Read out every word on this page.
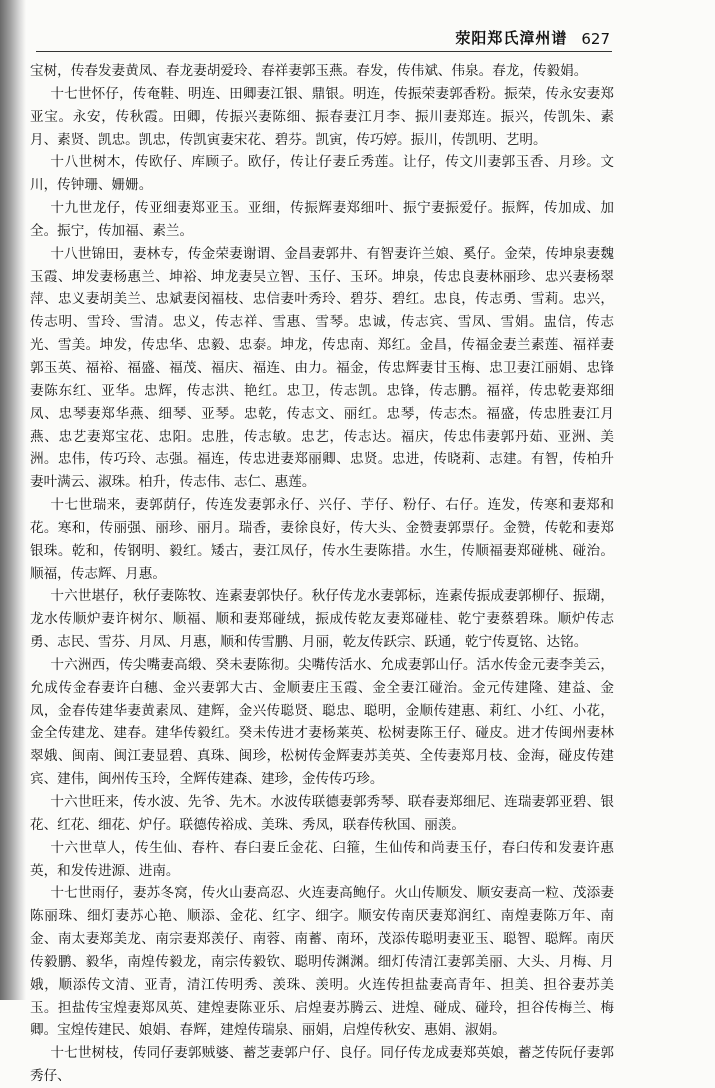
荥阳郑氏漳州谱 627

宝树，传春发妻黄凤、春龙妻胡爱玲、春祥妻郭玉燕。春发，传伟斌、伟泉。春龙，传毅娟。

十七世怀仔，传奄鞋、明连、田卿妻江银、鼎银。明连，传振荣妻郭香粉。振荣，传永安妻郑亚宝。永安，传秋霞。田卿，传振兴妻陈细、振春妻江月李、振川妻郑连。振兴，传凯朱、素月、素贤、凯忠。凯忠，传凯寅妻宋花、碧芬。凯寅，传巧婷。振川，传凯明、艺明。

十八世树木，传欧仔、库顾子。欧仔，传让仔妻丘秀莲。让仔，传文川妻郭玉香、月珍。文川，传钟珊、姗姗。

十九世龙仔，传亚细妻郑亚玉。亚细，传振辉妻郑细叶、振宁妻振爱仔。振辉，传加成、加全。振宁，传加福、素兰。

十八世锦田，妻林专，传金荣妻谢谓、金昌妻郭井、有智妻许兰娘、奚仔。金荣，传坤泉妻魏玉霞、坤发妻杨惠兰、坤裕、坤龙妻吴立智、玉仔、玉环。坤泉，传忠良妻林丽珍、忠兴妻杨翠萍、忠义妻胡美兰、忠斌妻闵福枝、忠信妻叶秀玲、碧芬、碧红。忠良，传志勇、雪莉。忠兴，传志明、雪玲、雪清。忠义，传志祥、雪惠、雪琴。忠诚，传志宾、雪凤、雪娟。盅信，传志光、雪美。坤发，传忠华、忠毅、忠泰。坤龙，传忠南、郑红。金昌，传福金妻兰素莲、福祥妻郭玉英、福裕、福盛、福茂、福庆、福连、由力。福金，传忠辉妻甘玉梅、忠卫妻江丽娟、忠锋妻陈东红、亚华。忠辉，传志洪、艳红。忠卫，传志凯。忠锋，传志鹏。福祥，传忠乾妻郑细凤、忠琴妻郑华燕、细琴、亚琴。忠乾，传志文、丽红。忠琴，传志杰。福盛，传忠胜妻江月燕、忠艺妻郑宝花、忠阳。忠胜，传志敏。忠艺，传志达。福庆，传忠伟妻郭丹茹、亚洲、美洲。忠伟，传巧玲、志强。福连，传忠进妻郑丽卿、忠贤。忠进，传晓莉、志建。有智，传柏升妻叶满云、淑珠。柏升，传志伟、志仁、惠莲。

十七世瑞来，妻郭荫仔，传连发妻郭永仔、兴仔、芋仔、粉仔、右仔。连发，传寒和妻郑和花。寒和，传丽强、丽珍、丽月。瑞香，妻徐良好，传大头、金赞妻郭票仔。金赞，传乾和妻郑银珠。乾和，传钢明、毅红。矮古，妻江凤仔，传水生妻陈措。水生，传顺福妻郑碰桃、碰治。顺福，传志辉、月惠。

十六世堪仔，秋仔妻陈牧、连素妻郭快仔。秋仔传龙水妻郭标，连素传振成妻郭柳仔、振瑚，龙水传顺炉妻许树尔、顺福、顺和妻郑碰绒，振成传乾友妻郑碰桂、乾宁妻蔡碧珠。顺炉传志勇、志民、雪芬、月凤、月惠，顺和传雪鹏、月丽，乾友传跃宗、跃通，乾宁传夏铭、达铭。

十六洲西，传尖嘴妻高缎、癸未妻陈彻。尖嘴传活水、允成妻郭山仔。活水传金元妻李美云，允成传金春妻许白穗、金兴妻郭大古、金顺妻庄玉霞、金全妻江碰治。金元传建隆、建益、金凤，金春传建华妻黄素凤、建辉，金兴传聪贤、聪忠、聪明，金顺传建惠、莉红、小红、小花，金全传建龙、建春。建华传毅红。癸未传进才妻杨莱英、松树妻陈王仔、碰皮。进才传闽州妻林翠娥、闽南、闽江妻显碧、真珠、闽珍，松树传金辉妻苏美英、全传妻郑月枝、金海，碰皮传建宾、建伟，闽州传玉玲，全辉传建森、建珍，金传传巧珍。

十六世旺来，传水波、先爷、先木。水波传联德妻郭秀琴、联春妻郑细尼、连瑞妻郭亚碧、银花、红花、细花、炉仔。联德传裕成、美珠、秀凤，联春传秋国、丽羡。

十六世草人，传生仙、春杵、春臼妻丘金花、臼箍，生仙传和尚妻玉仔，春臼传和发妻许惠英，和发传进源、进南。

十七世雨仔，妻苏冬窝，传火山妻高忍、火连妻高鲍仔。火山传顺发、顺安妻高一粒、茂添妻陈丽珠、细灯妻苏心艳、顺添、金花、红字、细字。顺安传南厌妻郑润红、南煌妻陈万年、南金、南太妻郑美龙、南宗妻郑羡仔、南蓉、南蓄、南环，茂添传聪明妻亚玉、聪智、聪辉。南厌传毅鹏、毅华，南煌传毅龙，南宗传毅钦、聪明传渊渊。细灯传清江妻郭美丽、大头、月梅、月娥，顺添传文清、亚青，清江传明秀、羡珠、羡明。火连传担盐妻高青年、担美、担谷妻苏美玉。担盐传宝煌妻郑凤英、建煌妻陈亚乐、启煌妻苏腾云、进煌、碰成、碰玲，担谷传梅兰、梅卿。宝煌传建民、娘娟、春辉，建煌传瑞泉、丽娟，启煌传秋安、惠娟、淑娟。

十七世树枝，传同仔妻郭贼婆、蓄芝妻郭户仔、良仔。同仔传龙成妻郑英娘，蓄芝传阮仔妻郭秀仔、
